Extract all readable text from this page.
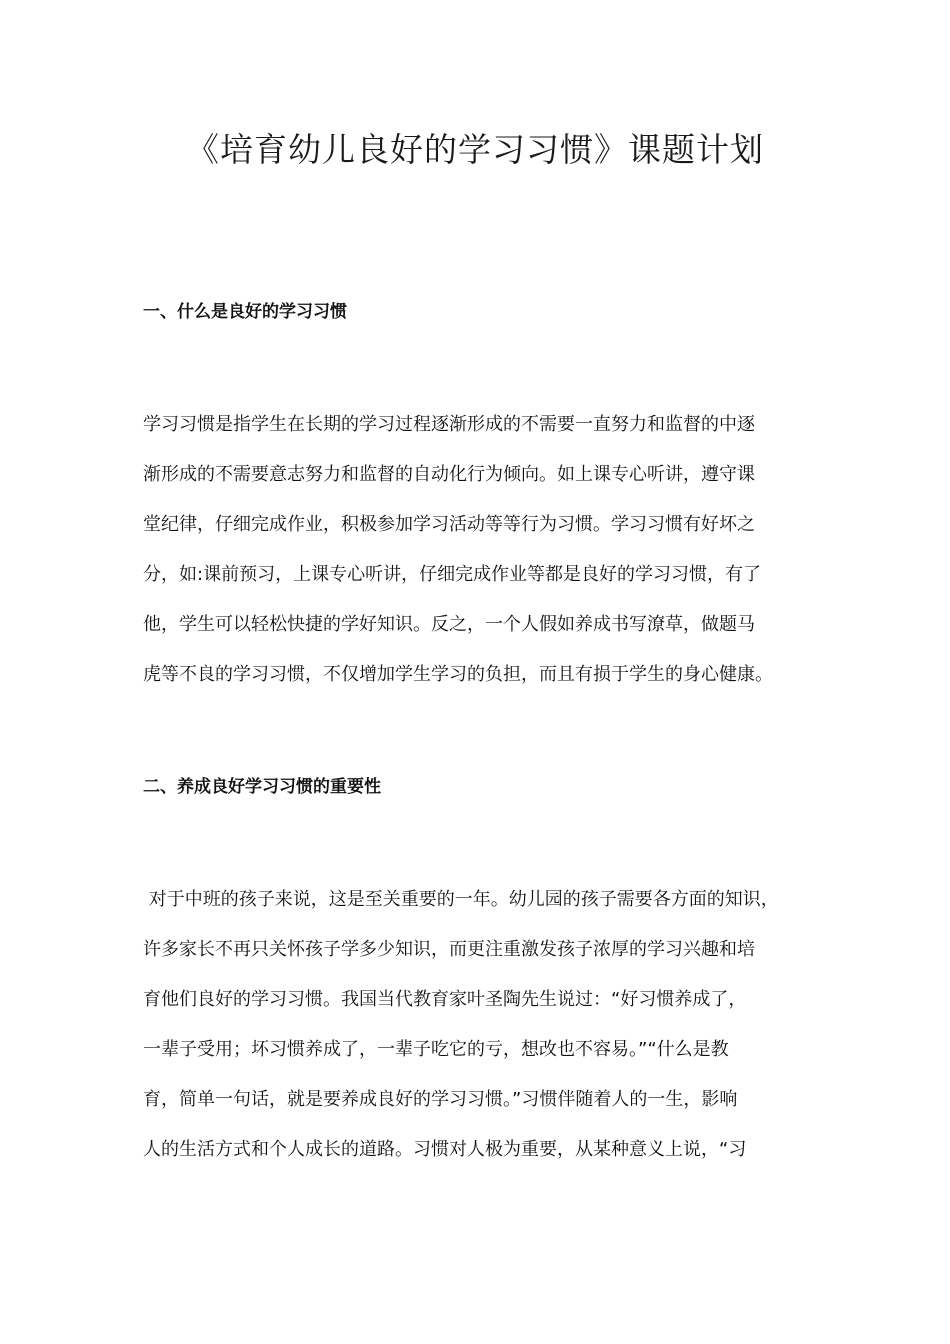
《培育幼儿良好的学习习惯》课题计划
一、什么是良好的学习习惯
学习习惯是指学生在长期的学习过程逐渐形成的不需要一直努力和监督的中逐
渐形成的不需要意志努力和监督的自动化行为倾向。如上课专心听讲，遵守课
堂纪律，仔细完成作业，积极参加学习活动等等行为习惯。学习习惯有好坏之
分，如:课前预习，上课专心听讲，仔细完成作业等都是良好的学习习惯，有了
他，学生可以轻松快捷的学好知识。反之，一个人假如养成书写潦草，做题马
虎等不良的学习习惯，不仅增加学生学习的负担，而且有损于学生的身心健康。
二、养成良好学习习惯的重要性
对于中班的孩子来说，这是至关重要的一年。幼儿园的孩子需要各方面的知识，
许多家长不再只关怀孩子学多少知识，而更注重激发孩子浓厚的学习兴趣和培
育他们良好的学习习惯。我国当代教育家叶圣陶先生说过：“好习惯养成了，
一辈子受用；坏习惯养成了，一辈子吃它的亏，想改也不容易。”“什么是教
育，简单一句话，就是要养成良好的学习习惯。”习惯伴随着人的一生，影响
人的生活方式和个人成长的道路。习惯对人极为重要，从某种意义上说，“习
